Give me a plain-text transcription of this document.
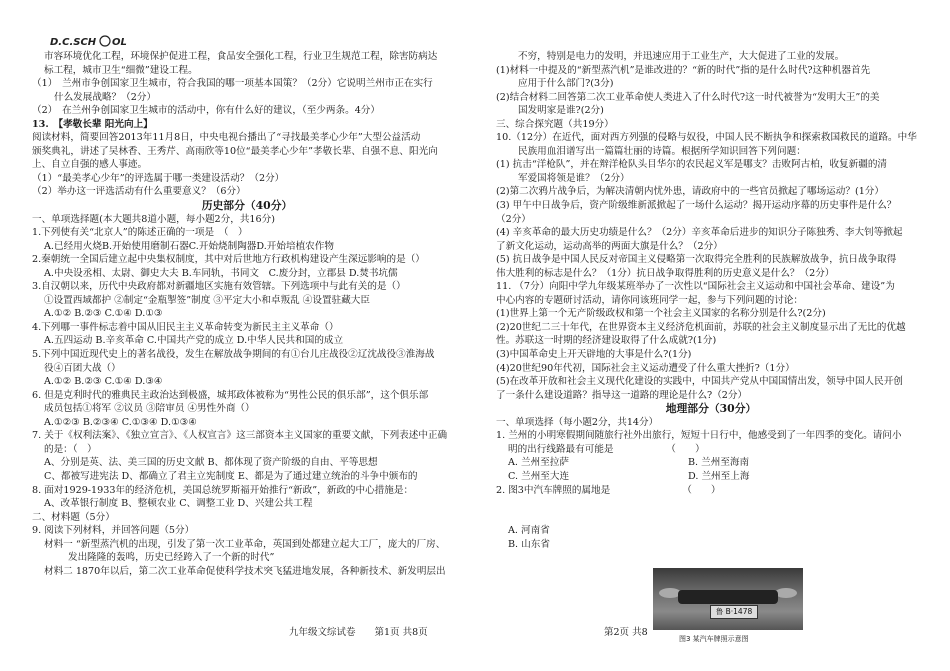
D.C.SCH OL

市容环境优化工程，环境保护促进工程，食品安全强化工程，行业卫生规范工程，除害防病达

标工程，城市卫生“细微”建设工程。

（1）　兰州市争创国家卫生城市，符合我国的哪一项基本国策？（2分）它说明兰州市正在实行

什么发展战略？（2分）

（2）　在兰州争创国家卫生城市的活动中，你有什么好的建议，（至少两条。4分）

13.　【孝敬长辈 阳光向上】

阅读材料，简要回答2013年11月8日，中央电视台播出了“寻找最美孝心少年”大型公益活动

颁奖典礼，讲述了吴林香、王秀芹、高雨欣等10位“最美孝心少年”孝敬长辈、自强不息、阳光向

上、自立自强的感人事迹。

（1）“最美孝心少年”的评选属于哪一类建设活动？（2分）

（2）举办这一评选活动有什么重要意义？（6分）

历史部分（40分）

一、单项选择题(本大题共8道小题，每小题2分，共16分)

1.下列使有关“北京人”的陈述正确的一项是　（　）

A.已经用火烧B.开始使用磨制石器C.开始烧制陶器D.开始培植农作物

2.秦朝统一全国后建立起中央集权制度，其中对后世地方行政机构建设产生深远影响的是（）

A.中央设丞相、太尉、御史大夫 B.车同轨，书同文　C.废分封，立郡县 D.焚书坑儒

3.自汉朝以来，历代中央政府都对新疆地区实施有效管辖。下列选项中与此有关的是（）

①设置西域都护 ②制定“金瓶掣签”制度 ③平定大小和卓叛乱 ④设置驻藏大臣

A.①② B.②③ C.①④ D.①③

4.下列哪一事件标志着中国从旧民主主义革命转变为新民主主义革命（）

A.五四运动 B.辛亥革命 C.中国共产党的成立 D.中华人民共和国的成立

5.下列中国近现代史上的著名战役，发生在解放战争期间的有①台儿庄战役②辽沈战役③淮海战

役④百团大战（）

A.①② B.②③ C.①④ D.③④

6. 但是克利时代的雅典民主政治达到极盛，城邦政体被称为“男性公民的俱乐部”，这个俱乐部

成员包括①将军 ②议员 ③陪审员 ④男性外商（）

A.①②③ B.②③④ C.①③④ D.①③④

7. 关于《权利法案》、《独立宣言》、《人权宣言》这三部资本主义国家的重要文献，下列表述中正确

的是：（　）

A、分别是英、法、美三国的历史文献 B、都体现了资产阶级的自由、平等思想

C、都被写进宪法 D、都确立了君主立宪制度 E、都是为了通过建立统治的斗争中颁布的

8. 面对1929-1933年的经济危机，美国总统罗斯福开始推行“新政”，新政的中心措施是：

A、改革银行制度 B、整顿农业 C、调整工业 D、兴建公共工程

二、材料题（5分）

9. 阅读下列材料，并回答问题（5分）

材料一 “新型蒸汽机的出现，引发了第一次工业革命，英国到处都建立起大工厂，庞大的厂房、

发出隆隆的轰鸣，历史已经跨入了一个新的时代”

材料二 1870年以后，第二次工业革命促使科学技术突飞猛进地发展，各种新技术、新发明层出

不穷，特别是电力的发明，并迅速应用于工业生产，大大促进了工业的发展。

(1)材料一中提及的“新型蒸汽机”是谁改进的？“新的时代”指的是什么时代?这种机器首先

应用于什么部门?(3分)

(2)结合材料二回答第二次工业革命使人类进入了什么时代?这一时代被誉为“发明大王”的美

国发明家是谁?(2分)

三、综合探究题（共19分）

10.（12分）在近代，面对西方列强的侵略与奴役，中国人民不断执争和探索救国救民的道路。中华

民族用血泪谱写出一篇篇壮丽的诗篇。根据所学知识回答下列问题：

(1) 抗击“洋枪队”，并在辩洋枪队头目华尔的农民起义军是哪支？击败阿古柏，收复新疆的清

军爱国将领是谁？（2分）

(2)第二次鸦片战争后，为解决清朝内忧外患，请政府中的一些官员掀起了哪场运动？(1分）

(3) 甲午中日战争后，资产阶级维新派掀起了一场什么运动？揭开运动序幕的历史事件是什么？

（2分）

(4) 辛亥革命的最大历史功绩是什么？（2分）辛亥革命后进步的知识分子陈独秀、李大钊等掀起

了新文化运动，运动高举的两面大旗是什么？（2分）

(5) 抗日战争是中国人民反对帝国主义侵略第一次取得完全胜利的民族解放战争，抗日战争取得

伟大胜利的标志是什么？（1分）抗日战争取得胜利的历史意义是什么？（2分）

11. （7分）向阳中学九年级某班举办了一次性以“国际社会主义运动和中国社会革命、建设”为

中心内容的专题研讨活动，请你同该班同学一起，参与下列问题的讨论：

(1)世界上第一个无产阶级政权和第一个社会主义国家的名称分别是什么?(2分)

(2)20世纪二三十年代，在世界资本主义经济危机面前，苏联的社会主义制度显示出了无比的优越

性。苏联这一时期的经济建设取得了什么成就?(1分)

(3)中国革命史上开天辟地的大事是什么?(1分)

(4)20世纪90年代初，国际社会主义运动遭受了什么重大挫折?（1分）

(5)在改革开放和社会主义现代化建设的实践中，中国共产党从中国国情出发，领导中国人民开创

了一条什么建设道路？指导这一道路的理论是什么?（2分）

地理部分（30分）

一、单项选择（每小题2分，共14分）

1. 兰州的小明寒假期间随旅行社外出旅行，短短十日行中，他感受到了一年四季的变化。请问小

明的出行线路最有可能是　　　　　　（　　）

A. 兰州至拉萨	B. 兰州至海南

C. 兰州至大连	D. 兰州至上海

2. 图3中汽车牌照的属地是　　　　　　　　（　　）

A. 河南省

B. 山东省

鲁 B·1478
图3 某汽车牌照示意图
九年级文综试卷　　第1页 共8页	第2页 共8
